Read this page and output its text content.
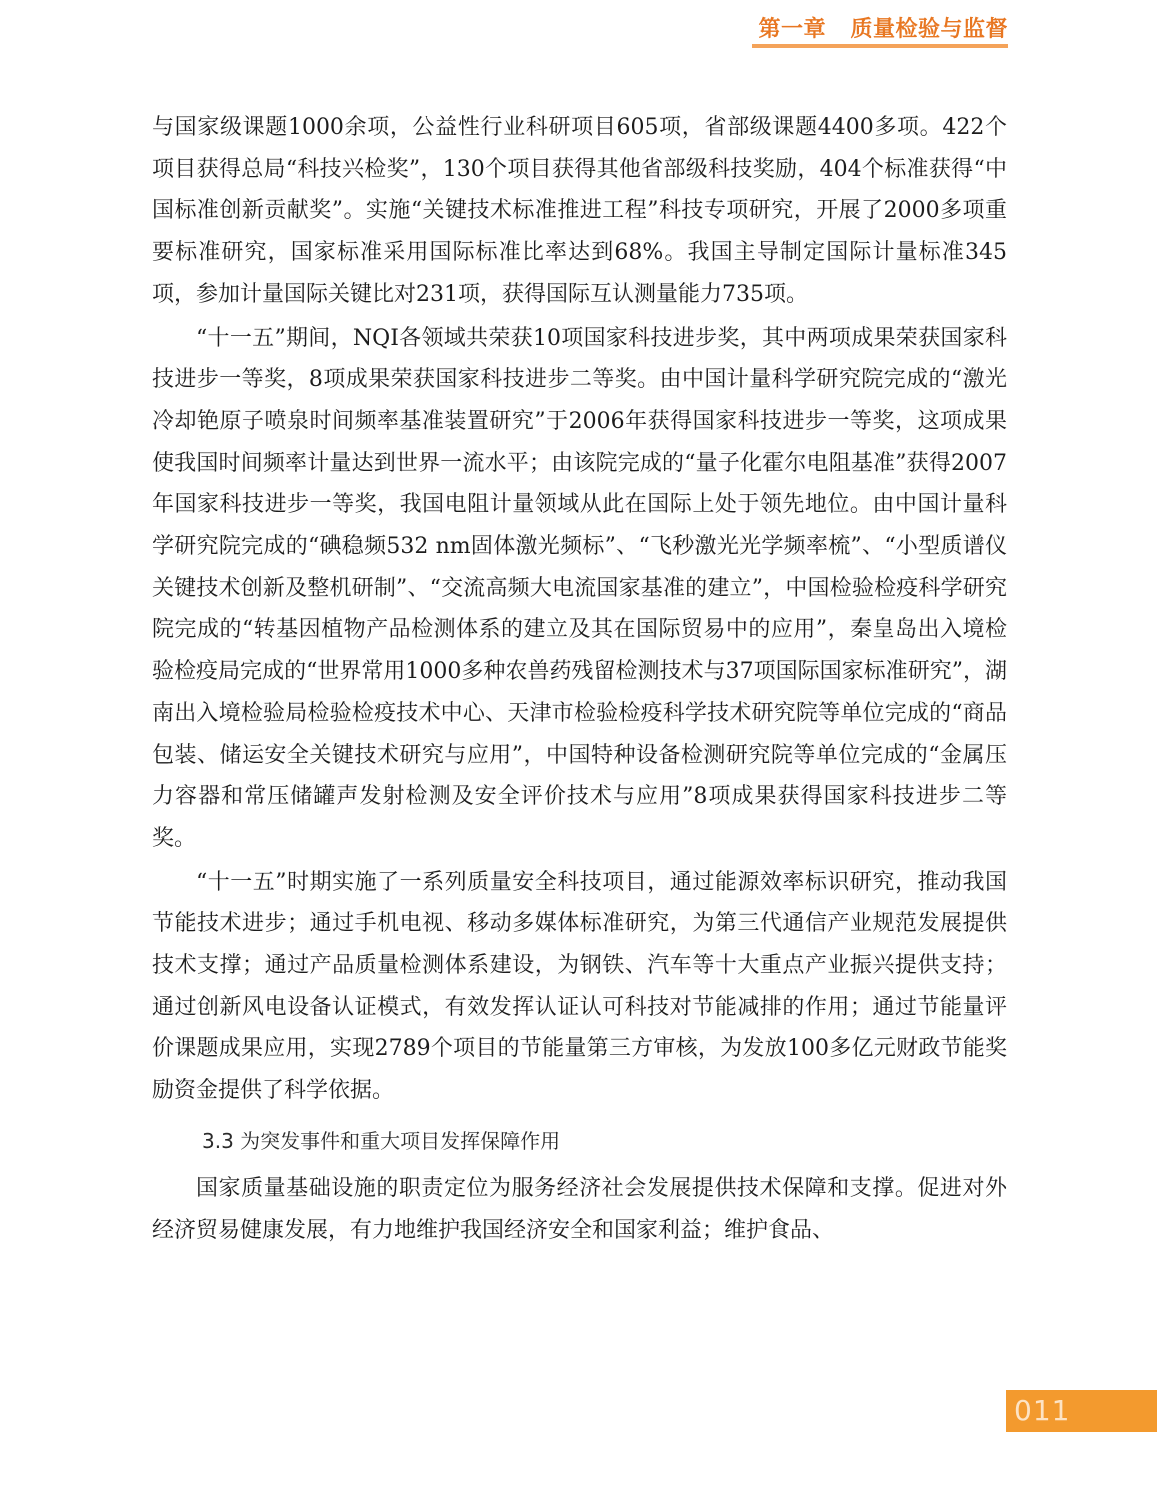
第一章   质量检验与监督

与国家级课题1000余项，公益性行业科研项目605项，省部级课题4400多项。422个项目获得总局“科技兴检奖”，130个项目获得其他省部级科技奖励，404个标准获得“中国标准创新贡献奖”。实施“关键技术标准推进工程”科技专项研究，开展了2000多项重要标准研究，国家标准采用国际标准比率达到68%。我国主导制定国际计量标准345项，参加计量国际关键比对231项，获得国际互认测量能力735项。

“十一五”期间，NQI各领域共荣获10项国家科技进步奖，其中两项成果荣获国家科技进步一等奖，8项成果荣获国家科技进步二等奖。由中国计量科学研究院完成的“激光冷却铯原子喷泉时间频率基准装置研究”于2006年获得国家科技进步一等奖，这项成果使我国时间频率计量达到世界一流水平；由该院完成的“量子化霍尔电阻基准”获得2007年国家科技进步一等奖，我国电阻计量领域从此在国际上处于领先地位。由中国计量科学研究院完成的“碘稳频532 nm固体激光频标”、“飞秒激光光学频率梳”、“小型质谱仪关键技术创新及整机研制”、“交流高频大电流国家基准的建立”，中国检验检疫科学研究院完成的“转基因植物产品检测体系的建立及其在国际贸易中的应用”，秦皇岛出入境检验检疫局完成的“世界常用1000多种农兽药残留检测技术与37项国际国家标准研究”，湖南出入境检验局检验检疫技术中心、天津市检验检疫科学技术研究院等单位完成的“商品包装、储运安全关键技术研究与应用”，中国特种设备检测研究院等单位完成的“金属压力容器和常压储罐声发射检测及安全评价技术与应用”8项成果获得国家科技进步二等奖。

“十一五”时期实施了一系列质量安全科技项目，通过能源效率标识研究，推动我国节能技术进步；通过手机电视、移动多媒体标准研究，为第三代通信产业规范发展提供技术支撑；通过产品质量检测体系建设，为钢铁、汽车等十大重点产业振兴提供支持；通过创新风电设备认证模式，有效发挥认证认可科技对节能减排的作用；通过节能量评价课题成果应用，实现2789个项目的节能量第三方审核，为发放100多亿元财政节能奖励资金提供了科学依据。

3.3 为突发事件和重大项目发挥保障作用

国家质量基础设施的职责定位为服务经济社会发展提供技术保障和支撑。促进对外经济贸易健康发展，有力地维护我国经济安全和国家利益；维护食品、

011
